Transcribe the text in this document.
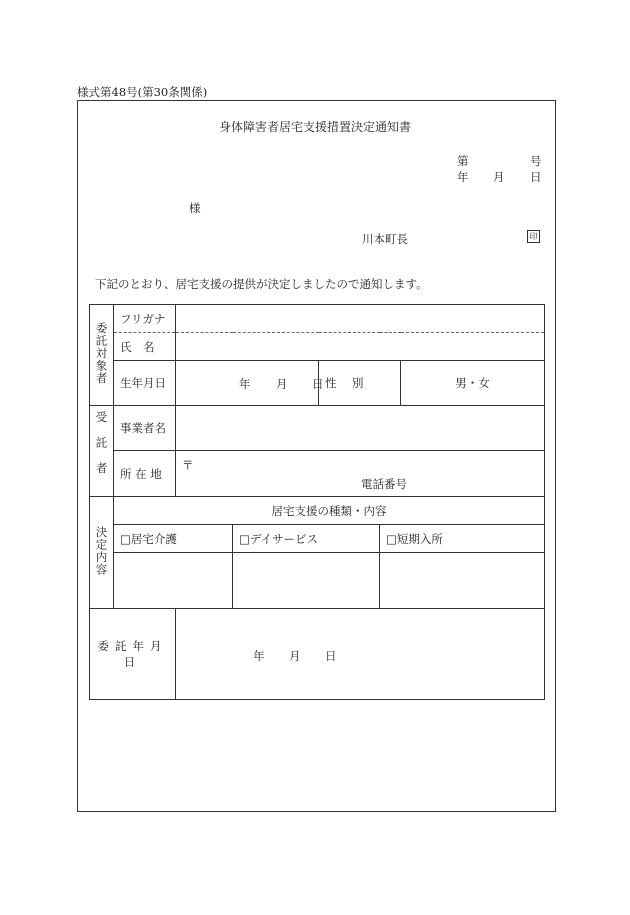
様式第48号(第30条関係)
身体障害者居宅支援措置決定通知書
第	号
年 月 日
様
川本町長	印
下記のとおり、居宅支援の提供が決定しましたので通知します。
委託対象者	フリガナ					
	氏　名					
	生年月日	年 月 日		性　別		男・女
受託者	事業者名					
	所 在 地	〒
電話番号				

決定内容	居宅支援の種類・内容					
	□居宅介護		□デイサービス		□短期入所	

委託年月日		年 月 日				
